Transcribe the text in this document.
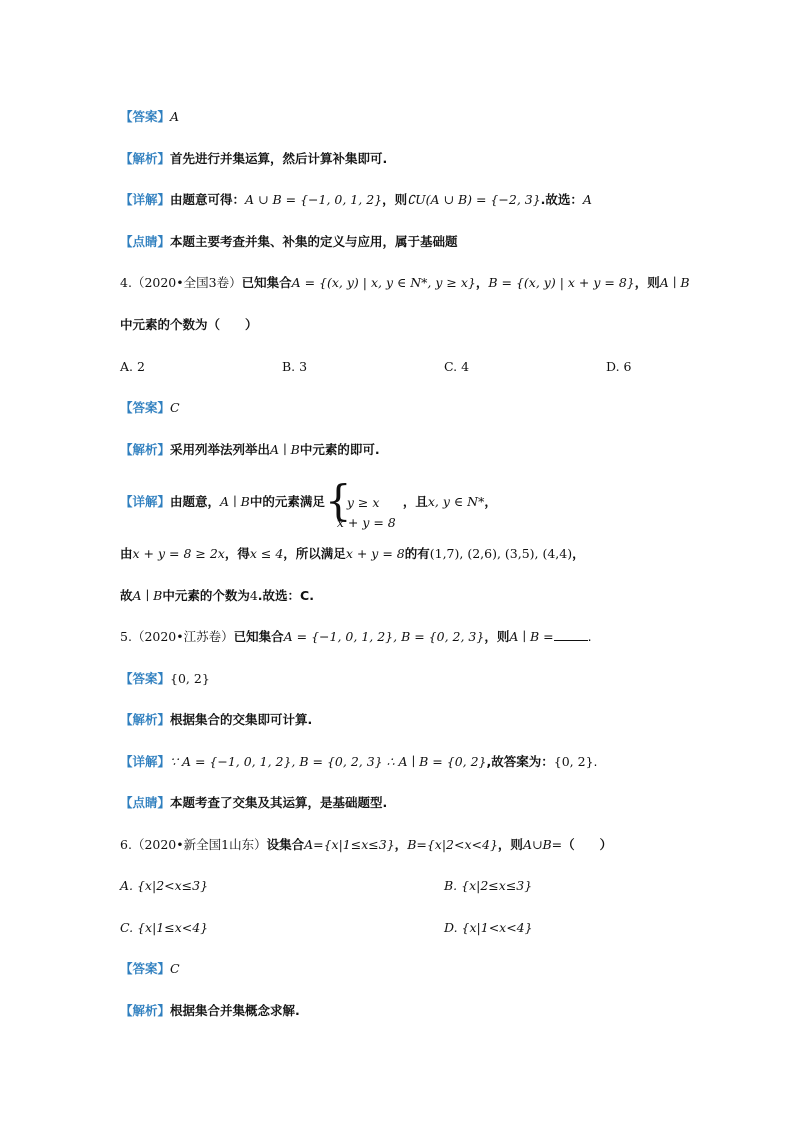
【答案】A
【解析】首先进行并集运算，然后计算补集即可.
【详解】由题意可得：A ∪ B = {−1, 0, 1, 2}，则∁U(A ∪ B) = {−2, 3}.故选：A
【点睛】本题主要考查并集、补集的定义与应用，属于基础题
4.（2020•全国3卷）已知集合A = {(x, y) | x, y ∈ N*, y ≥ x}，B = {(x, y) | x + y = 8}，则A ∣ B
中元素的个数为（　　）
A. 2	B. 3	C. 4	D. 6
【答案】C
【解析】采用列举法列举出A ∣ B中元素的即可.
【详解】由题意，A ∣ B中的元素满足 {
y ≥ x
x + y = 8
，且x, y ∈ N*，
由x + y = 8 ≥ 2x，得x ≤ 4，所以满足x + y = 8的有(1,7), (2,6), (3,5), (4,4)，
故A ∣ B中元素的个数为4.故选：C.
5.（2020•江苏卷）已知集合A = {−1, 0, 1, 2}, B = {0, 2, 3}，则A ∣ B =	.
【答案】{0, 2}
【解析】根据集合的交集即可计算.
【详解】∵ A = {−1, 0, 1, 2}, B = {0, 2, 3} ∴ A ∣ B = {0, 2},故答案为：{0, 2}.
【点睛】本题考查了交集及其运算，是基础题型.
6.（2020•新全国1山东）设集合A={x|1≤x≤3}，B={x|2<x<4}，则A∪B=（　　）
A. {x|2<x≤3}	B. {x|2≤x≤3}
C. {x|1≤x<4}	D. {x|1<x<4}
【答案】C
【解析】根据集合并集概念求解.
